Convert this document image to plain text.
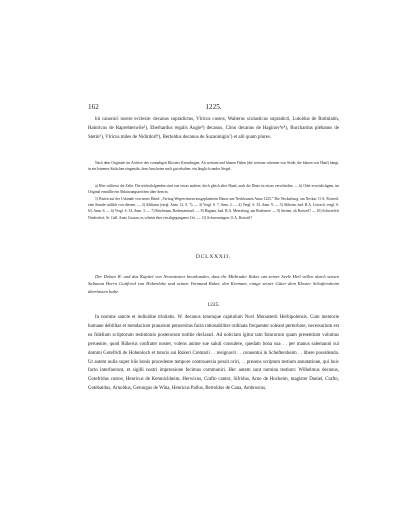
162	1225.

hii canonici nostre ecclesie: decanus supradictus, Vlricus custos, Walterus scolasticus supradicti, Lutoldus de Rotinlaim, Hainricus de Raprehteswile²), Eberhardus regalis Augie³) decanus, Côno decanus de Haginov⁴e⁴), Burchardus plebanus de Stetin⁵), Vlricus miles de Nidirdorf⁶), Bertoldus decanus de Suzaninigin⁷) et alii quam plures.

Nach dem Originale im Archive des vormaligen Klosters Kreuzlingen. An weissen und blauen Fäden (die weissen scheinen von Seide, die blauen von Hanf) hängt, in ein leinenes Säckchen eingenäht, dem Anscheine nach gut erhalten, ein länglich rundes Siegel.

a) Hier schliesst die Zeile. Die nächstfolgenden sind von etwas anderer, doch gleich alter Hand, auch die Dinte ist etwas verschieden. — b) Oder erweislichgem, im Original ermüllte ein Abkürzungszeichen über dem m.

1) Bisten auf der Urkunde von neuer Hand: „Vertrag Wegen einem ausgeplatterten Hause ane Neckhausen Anno 1225." Die Neckarburg, am Neckar, O.A. Rotweil, eine Stunde südlich von diesem. — 2) Altthann (vergl. Anm. 12, S. 7). — 3) Vergl. S. 7, Anm. 2. — 4) Vergl. S. 33, Anm. 9. — 5) Altheim, bad. B.A. Lörrach, vergl. S. 63, Anm. 6. — 6) Vergl. S. 33, Anm. 3. — 7) Reichenau, Bodenseeinsel. — 8) Hagnau, bad. B.A. Meersburg, am Bodensee. — 9) Stetten, ob Rotweil? — 10) Schwerlich Niederdorf, St. Gall. Amts Gossau, es scheint eher ein abgegangener Ort. — 11) Schwenningen, O.A. Rotweil?

DCLXXXII.

Der Dekan W. und das Kapitel von Neuwünster beurkunden, dass ihr Mitbruder Ruker um seiner Seele Heil willen durch seinen Salmann Herrn Gottfried von Hohenlohe und seinen Vormund Ruker, den Kremaer, einige seiner Güter dem Kloster Schaftersheim überlassen habe.

1225.

In nomine sancte et indiuidue trinitatis. W. decanus totumque capitulum Novi Monasterii Herbipolensis. Cum memorie humane debilitas et mendacium prauarum peruersitas facta rationabiliter ordinata frequenter soleant perturbare, necessarium est ea fidelium scriptorum testimonio posterorum notitie declarari. Ad noticiam igitur tam futurorum quam presentium volumus peruenire, quod Rükerus confrater noster, volens anime sue saluti consulere, quedam bona sua . . per manus salemanni sui domini Gotefridi de Hohenloch et tutoris sui Rukeri Cremarii . . resignavit . . conuentui in Scheftersheim . . libere possidenda. Ut autem nulla super hiis bonis procedente tempore controuersia possit oriri, . . presens scriptum testium annotatione, qui huic facto interfuerunt, et sigilli nostri impressione fecimus communiri. Hec autem sunt nomina testium: Wilhelmus decanus, Gotefridus custos, Henricus de Kemnichheim, Herwicus, Crafto cantor, Sifridus, Arno de Hocheim, magister Daniel, Crafto, Gotebaldus, Arnoldus, Gerungus de Wina, Henricus Pallus, Bertoldus de Cana, Ambrosius,
